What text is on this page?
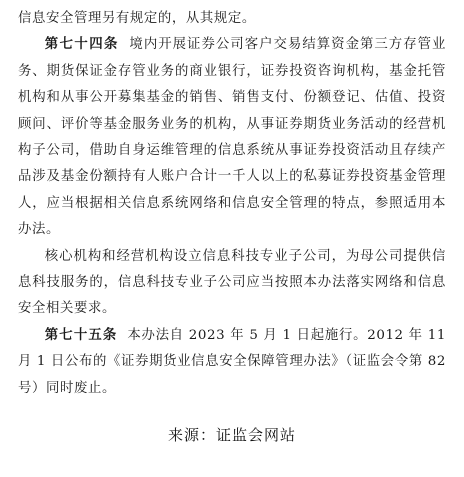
信息安全管理另有规定的，从其规定。

第七十四条 境内开展证券公司客户交易结算资金第三方存管业务、期货保证金存管业务的商业银行，证券投资咨询机构，基金托管机构和从事公开募集基金的销售、销售支付、份额登记、估值、投资顾问、评价等基金服务业务的机构，从事证券期货业务活动的经营机构子公司，借助自身运维管理的信息系统从事证券投资活动且存续产品涉及基金份额持有人账户合计一千人以上的私募证券投资基金管理人，应当根据相关信息系统网络和信息安全管理的特点，参照适用本办法。

核心机构和经营机构设立信息科技专业子公司，为母公司提供信息科技服务的，信息科技专业子公司应当按照本办法落实网络和信息安全相关要求。

第七十五条 本办法自 2023 年 5 月 1 日起施行。2012 年 11 月 1 日公布的《证券期货业信息安全保障管理办法》（证监会令第 82 号）同时废止。

来源：证监会网站
